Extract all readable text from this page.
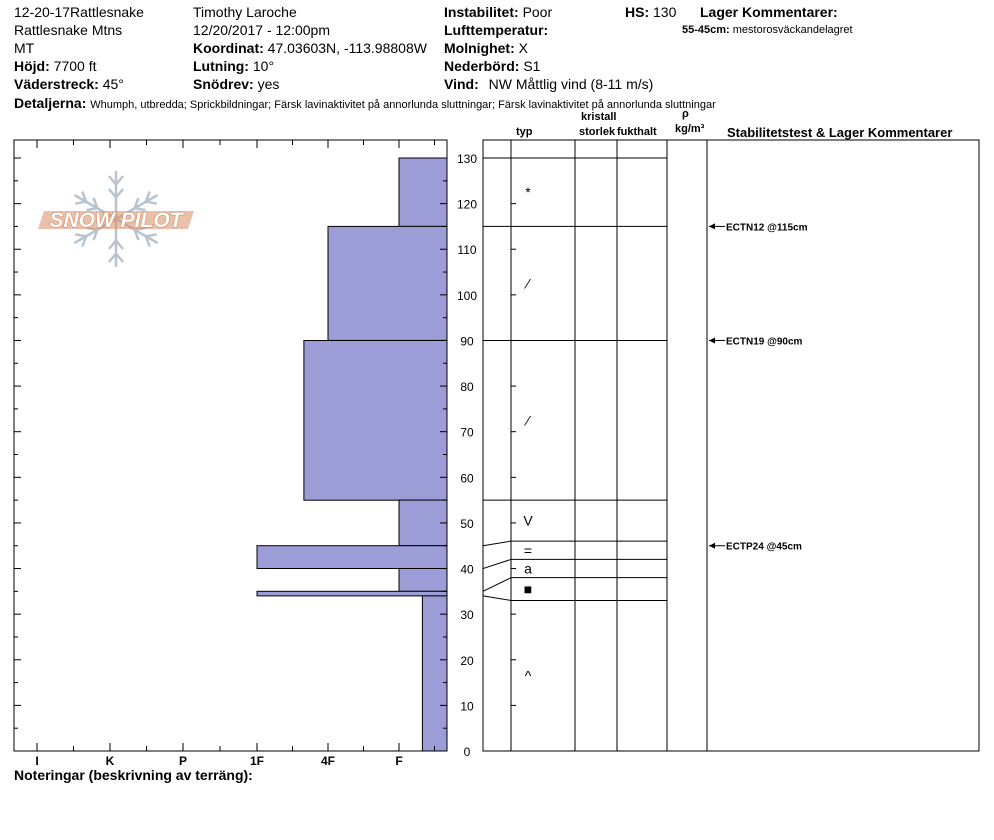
12-20-17Rattlesnake
Rattlesnake Mtns
MT
Höjd: 7700 ft
Väderstreck: 45°
Timothy Laroche
12/20/2017 - 12:00pm
Koordinat: 47.03603N, -113.98808W
Lutning: 10°
Snödrev: yes
Instabilitet: Poor
Lufttemperatur:
Molnighet: X
Nederbörd: S1
Vind: NW Måttlig vind (8-11 m/s)
HS: 130 Lager Kommentarer:
55-45cm: mestorosväckandelagret
Detaljerna: Whumph, utbredda; Sprickbildningar; Färsk lavinaktivitet på annorlunda sluttningar; Färsk lavinaktivitet på annorlunda sluttningar
typ
kristall
storlek fukthalt
ρ
kg/m³ Stabilitetstest & Lager Kommentarer
SNOW PILOT
I	K	P	1F	4F	F
0
10
20
30
40
50
60
70
80
90
100
110
120
130
*
⁄
⁄
V
=
a
■
^
ECTN12 @115cm
ECTN19 @90cm
ECTP24 @45cm
Noteringar (beskrivning av terräng):
